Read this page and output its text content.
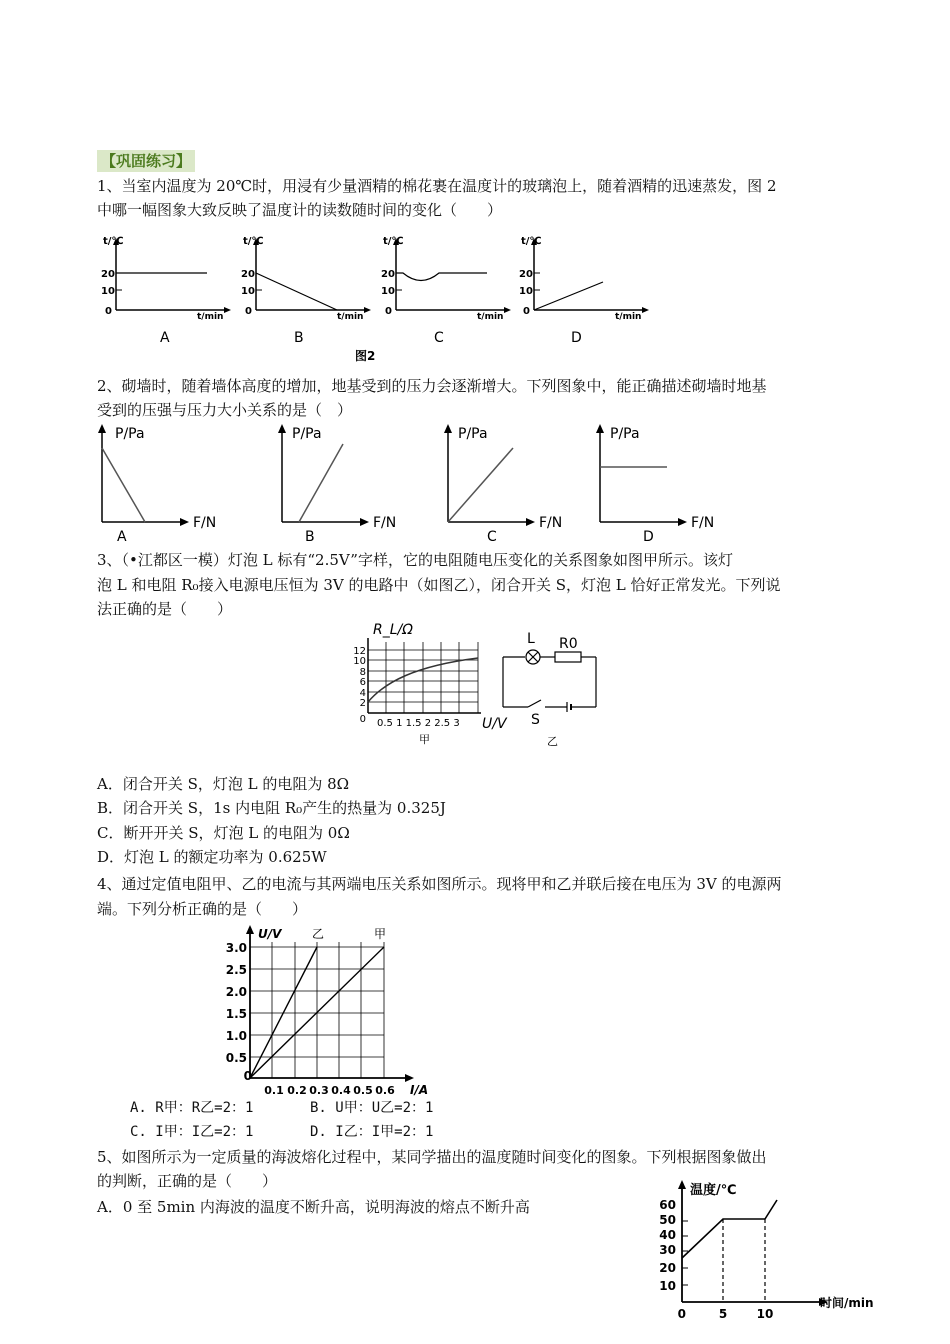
【巩固练习】
1、当室内温度为 20℃时，用浸有少量酒精的棉花裹在温度计的玻璃泡上，随着酒精的迅速蒸发，图 2
中哪一幅图象大致反映了温度计的读数随时间的变化（　　）
t/℃
t/min
20
10
0
A
t/℃
t/min
20
10
0
B
t/℃
t/min
20
10
0
C
t/℃
t/min
20
10
0
D
图2
2、砌墙时，随着墙体高度的增加，地基受到的压力会逐渐增大。下列图象中，能正确描述砌墙时地基
受到的压强与压力大小关系的是（　）
P/Pa
F/N
A
P/Pa
F/N
B
P/Pa
F/N
C
P/Pa
F/N
D
3、（•江都区一模）灯泡 L 标有“2.5V”字样，它的电阻随电压变化的关系图象如图甲所示。该灯
泡 L 和电阻 R₀接入电源电压恒为 3V 的电路中（如图乙），闭合开关 S，灯泡 L 恰好正常发光。下列说
法正确的是（　　）
R_L/Ω
12
10
8
6
4
2
0 0.5 1 1.5 2 2.5 3 U/V
甲
L R0
S
乙
A．闭合开关 S，灯泡 L 的电阻为 8Ω
B．闭合开关 S，1s 内电阻 R₀产生的热量为 0.325J
C．断开开关 S，灯泡 L 的电阻为 0Ω
D．灯泡 L 的额定功率为 0.625W
4、通过定值电阻甲、乙的电流与其两端电压关系如图所示。现将甲和乙并联后接在电压为 3V 的电源两
端。下列分析正确的是（　　）
U/V	乙	甲
3.0
2.5
2.0
1.5
1.0
0.5
0
0.1 0.2 0.3 0.4 0.5 0.6 I/A
A. R甲：R乙=2：1	B. U甲：U乙=2：1
C. I甲：I乙=2：1	D. I乙：I甲=2：1
5、如图所示为一定质量的海波熔化过程中，某同学描出的温度随时间变化的图象。下列根据图象做出
的判断，正确的是（　　）
A．0 至 5min 内海波的温度不断升高，说明海波的熔点不断升高
温度/℃
时间/min
60
50
40
30
20
10
0	5 10
